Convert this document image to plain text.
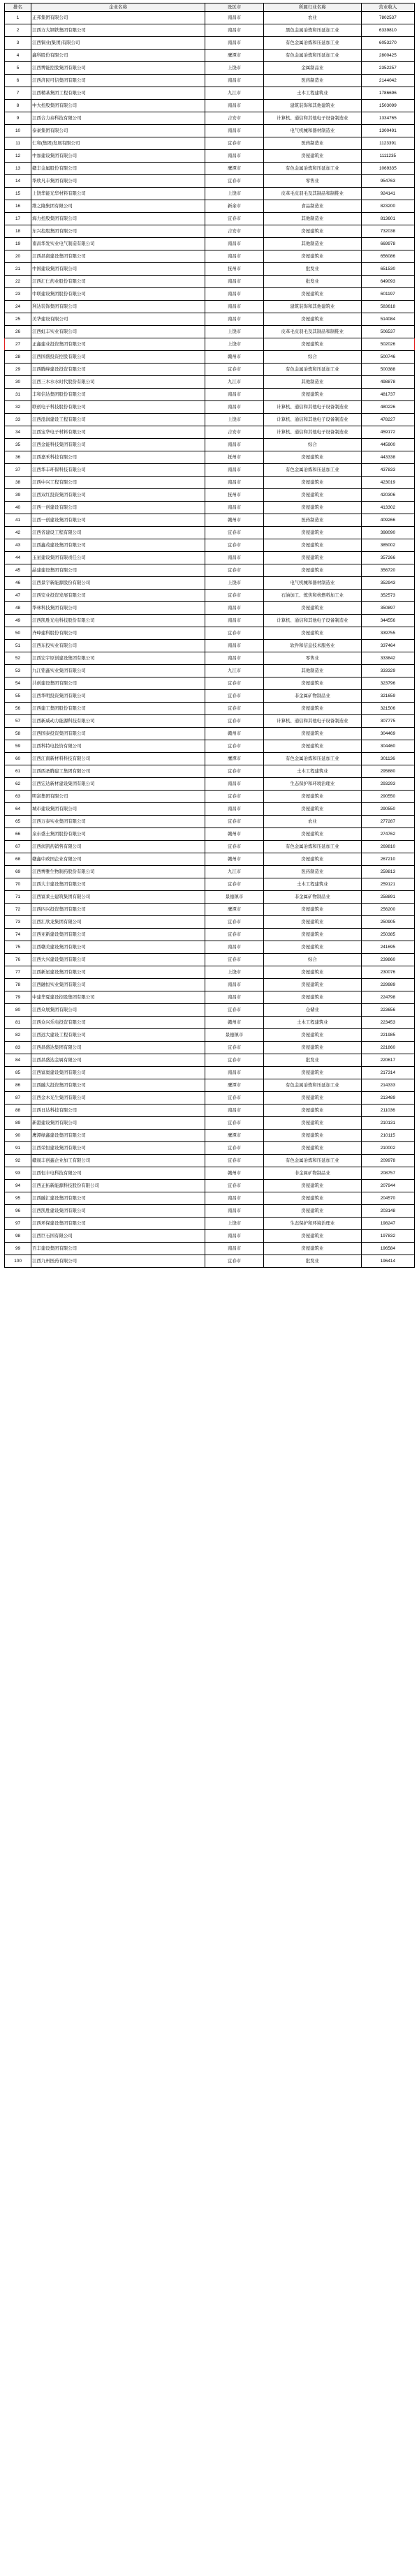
排名	企业名称	设区市	所属行业名称	营业收入
1	正邦集团有限公司	南昌市	农业	7802537
2	江西方大钢铁集团有限公司	南昌市	黑色金属冶炼和压延加工业	6339810
3	江西铜业(集团)有限公司	南昌市	有色金属冶炼和压延加工业	6053270
4	鑫科股份有限公司	鹰潭市	有色金属冶炼和压延加工业	2800425
5	江西博能控股集团有限公司	上饶市	金属制品业	2352257
6	江西济民可信集团有限公司	南昌市	医药制造业	2144042
7	江西精基集团工程有限公司	九江市	土木工程建筑业	1786696
8	中大控股集团有限公司	南昌市	建筑装饰和其他建筑业	1503099
9	江西合力泰科技有限公司	吉安市	计算机、通信和其他电子设备制造业	1334765
10	泰豪集团有限公司	南昌市	电气机械和器材制造业	1300491
11	仁和(集团)发展有限公司	宜春市	医药制造业	1123391
12	中加建设集团有限公司	南昌市	房屋建筑业	1111235
13	赣丰金属股份有限公司	鹰潭市	有色金属冶炼和压延加工业	1069335
14	华欣凡丰集团有限公司	宜春市	零售业	954763
15	上饶华能光华材料有限公司	上饶市	皮革毛皮羽毛及其制品和制鞋业	924141
16	维之隆集团有限公司	新余市	食品制造业	823200
17	海力控股集团有限公司	宜春市	其他制造业	813601
18	东兴控股集团有限公司	吉安市	房屋建筑业	732038
19	南昌华发实业电气制造有限公司	南昌市	其他制造业	669978
20	江西昌南建设集团有限公司	南昌市	房屋建筑业	656086
21	中国建设集团有限公司	抚州市	批发业	651530
22	江西汇仁药业股份有限公司	南昌市	批发业	649093
23	中联建设集团股份有限公司	南昌市	房屋建筑业	601197
24	利达装饰集团有限公司	南昌市	建筑装饰和其他建筑业	583618
25	美华建设有限公司	南昌市	房屋建筑业	514084
26	江西虹丰实业有限公司	上饶市	皮革毛皮羽毛及其制品和制鞋业	506537
27	正鑫建业投资集团有限公司	上饶市	房屋建筑业	502026
28	江西国盛投资控股有限公司	赣州市	综合	500746
29	江西腾峰建设投资有限公司	宜春市	有色金属冶炼和压延加工业	500388
30	江西三木水水时代股份有限公司	九江市	其他制造业	498878
31	丰和信达集团股份有限公司	南昌市	房屋建筑业	481737
32	联创电子科技股份有限公司	南昌市	计算机、通信和其他电子设备制造业	480226
33	江西泓润建设工程有限公司	上饶市	计算机、通信和其他电子设备制造业	478227
34	江西宝华电子材料有限公司	吉安市	计算机、通信和其他电子设备制造业	459172
35	江西金能科技集团有限公司	南昌市	综合	445900
36	江西嘉禾科技有限公司	抚州市	房屋建筑业	443338
37	江西华丰环保科技有限公司	南昌市	有色金属冶炼和压延加工业	437833
38	江西中兴工程有限公司	南昌市	房屋建筑业	423019
39	江西双红投资集团有限公司	抚州市	房屋建筑业	420306
40	江西一创建设有限公司	南昌市	房屋建筑业	413302
41	江西一创建设集团有限公司	赣州市	医药制造业	409266
42	江西省建设工程有限公司	宜春市	房屋建筑业	398090
43	江西鑫茂建设集团有限公司	宜春市	房屋建筑业	385002
44	玉星建设集团有限责任公司	南昌市	房屋建筑业	357266
45	晶建建设集团有限公司	宜春市	房屋建筑业	356720
46	江西景宇新能源股份有限公司	上饶市	电气机械和器材制造业	352943
47	江西安业投资发展有限公司	宜春市	石油加工、炼焦和核燃料加工业	352573
48	华林科技集团有限公司	南昌市	房屋建筑业	350897
49	江西凯胜光电科技股份有限公司	南昌市	计算机、通信和其他电子设备制造业	344556
50	齐峰建科股份有限公司	宜春市	房屋建筑业	339755
51	江西东投实业有限公司	南昌市	软件和信息技术服务业	337464
52	江西宏宇原创建设集团有限公司	南昌市	零售业	333842
53	九江铭鑫实业集团有限公司	九江市	其他制造业	333329
54	共创建设集团有限公司	宜春市	房屋建筑业	323796
55	江西华明投资集团有限公司	宜春市	非金属矿物制品业	321659
56	江西建工集团股份有限公司	宜春市	房屋建筑业	321506
57	江西新威动力能源科技有限公司	宜春市	计算机、通信和其他电子设备制造业	307775
58	江西国泰投资集团有限公司	赣州市	房屋建筑业	304469
59	江西科特电投资有限公司	宜春市	房屋建筑业	304460
60	江西江南新材料科技有限公司	鹰潭市	有色金属冶炼和压延加工业	301136
61	江西西圣腾建工集团有限公司	宜春市	土木工程建筑业	295880
62	江西宏达新材建设集团有限公司	南昌市	生态保护和环境治理业	293293
63	明富集团有限公司	宜春市	房屋建筑业	290550
64	城市建设集团有限公司	南昌市	房屋建筑业	290550
65	江西万泰实业集团有限公司	宜春市	农业	277287
66	泉东盛土集团股份有限公司	赣州市	房屋建筑业	274762
67	江西润凯药销售有限公司	宜春市	有色金属冶炼和压延加工业	269810
68	赣鑫中政国企业有限公司	赣州市	房屋建筑业	267210
69	江西博雅生物制药股份有限公司	九江市	医药制造业	259813
70	江西大丰建设集团有限公司	宜春市	土木工程建筑业	259121
71	江西富莱士建筑集团有限公司	景德镇市	非金属矿物制品业	258891
72	江西四兴投资集团有限公司	鹰潭市	房屋建筑业	256200
73	江西汇欣龙集团有限公司	宜春市	房屋建筑业	250905
74	江西亚新建设集团有限公司	宜春市	房屋建筑业	250385
75	江西赣美建设集团有限公司	南昌市	房屋建筑业	241695
76	江西大兴建设集团有限公司	宜春市	综合	239860
77	江西新星建设集团有限公司	上饶市	房屋建筑业	230076
78	江西融恒实业集团有限公司	南昌市	房屋建筑业	229989
79	中建华夏建设控股集团有限公司	南昌市	房屋建筑业	224798
80	江西众展集团有限公司	宜春市	仓储业	223656
81	江西众兴乐电投资有限公司	赣州市	土木工程建筑业	223453
82	江西远大建设工程有限公司	景德镇市	房屋建筑业	221985
83	江西昌盛达集团有限公司	宜春市	房屋建筑业	221860
84	江西昌盛达金属有限公司	宜春市	批发业	220617
85	江西富奥建设集团有限公司	南昌市	房屋建筑业	217314
86	江西融大投资集团有限公司	鹰潭市	有色金属冶炼和压延加工业	214333
87	江西金木光生集团有限公司	宜春市	房屋建筑业	213489
88	江西日达科技有限公司	南昌市	房屋建筑业	211036
89	新港建设集团有限公司	宜春市	房屋建筑业	210131
90	鹰潭绿鑫建设集团有限公司	鹰潭市	房屋建筑业	210115
91	江西荣恒建设集团有限公司	宜春市	房屋建筑业	210002
92	赣晟丰创鑫企业加工有限公司	宜春市	有色金属冶炼和压延加工业	209978
93	江西恒丰电科技有限公司	赣州市	非金属矿物制品业	208757
94	江西正拓新能源科技股份有限公司	宜春市	房屋建筑业	207944
95	江西融汇建设集团有限公司	南昌市	房屋建筑业	204570
96	江西凯胜建设集团有限公司	南昌市	房屋建筑业	203148
97	江西环保建设集团有限公司	上饶市	生态保护和环境治理业	198247
98	江西巨石国有限公司	南昌市	房屋建筑业	197832
99	百丰建设集团有限公司	南昌市	房屋建筑业	196584
100	江西九州医药有限公司	宜春市	批发业	196414
